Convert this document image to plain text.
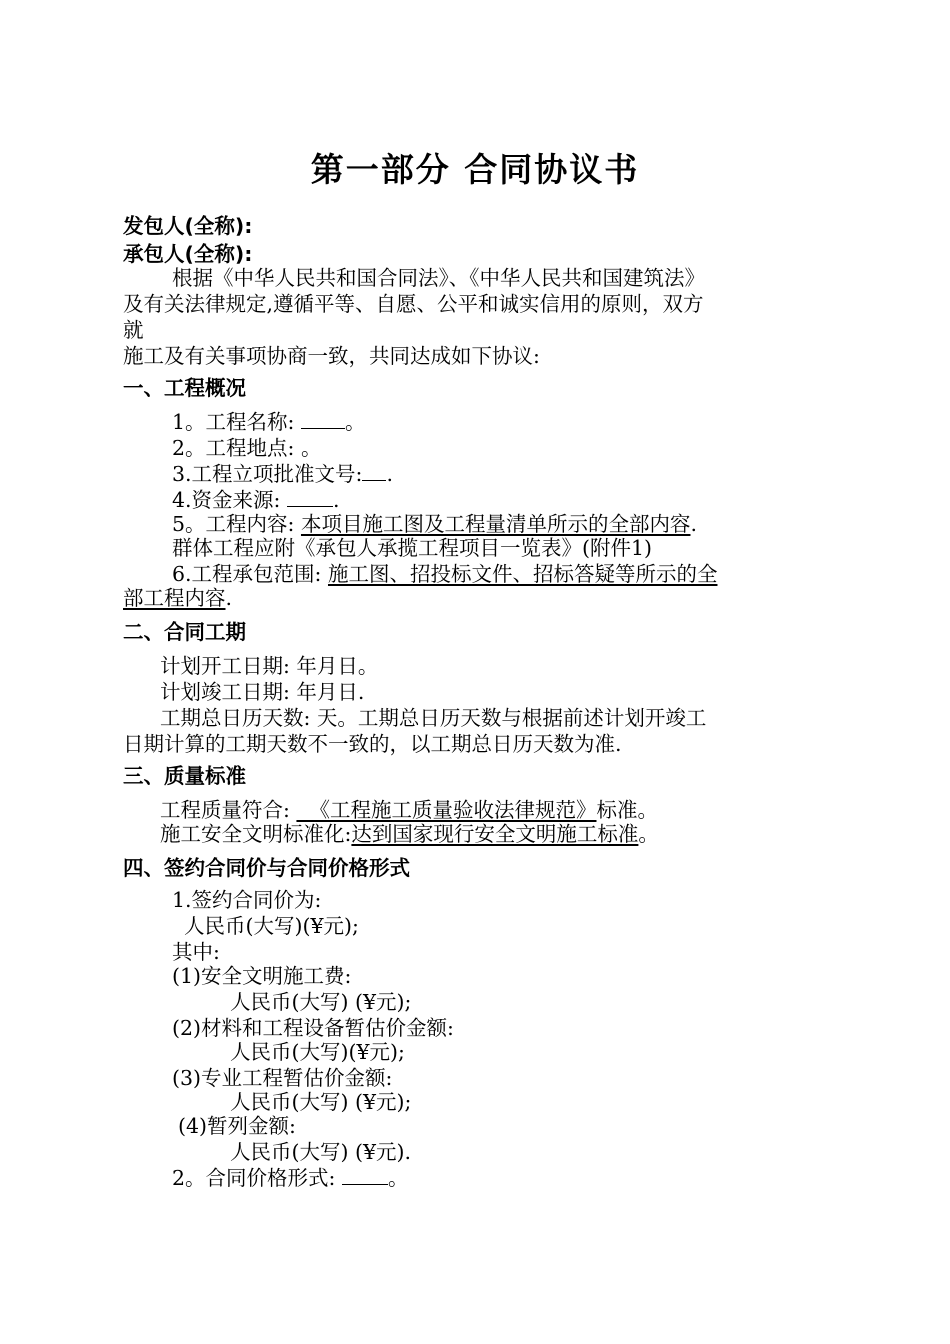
第一部分 合同协议书
发包人(全称):
承包人(全称):
根据《中华人民共和国合同法》、《中华人民共和国建筑法》
及有关法律规定,遵循平等、自愿、公平和诚实信用的原则，双方
就
施工及有关事项协商一致，共同达成如下协议:
一、工程概况
1。工程名称: 。
2。工程地点: 。
3.工程立项批准文号: .
4.资金来源:	.
5。工程内容: 本项目施工图及工程量清单所示的全部内容.
群体工程应附《承包人承揽工程项目一览表》(附件1)
6.工程承包范围: 施工图、招投标文件、招标答疑等所示的全
部工程内容.
二、合同工期
计划开工日期: 年月日。
计划竣工日期: 年月日.
工期总日历天数: 天。工期总日历天数与根据前述计划开竣工
日期计算的工期天数不一致的，以工期总日历天数为准.
三、质量标准
工程质量符合:   《工程施工质量验收法律规范》标准。
施工安全文明标准化:达到国家现行安全文明施工标准。
四、签约合同价与合同价格形式
1.签约合同价为:
人民币(大写)(¥元);
其中:
(1)安全文明施工费:
人民币(大写) (¥元);
(2)材料和工程设备暂估价金额:
人民币(大写)(¥元);
(3)专业工程暂估价金额:
人民币(大写) (¥元);
(4)暂列金额:
人民币(大写) (¥元).
2。合同价格形式:	。
